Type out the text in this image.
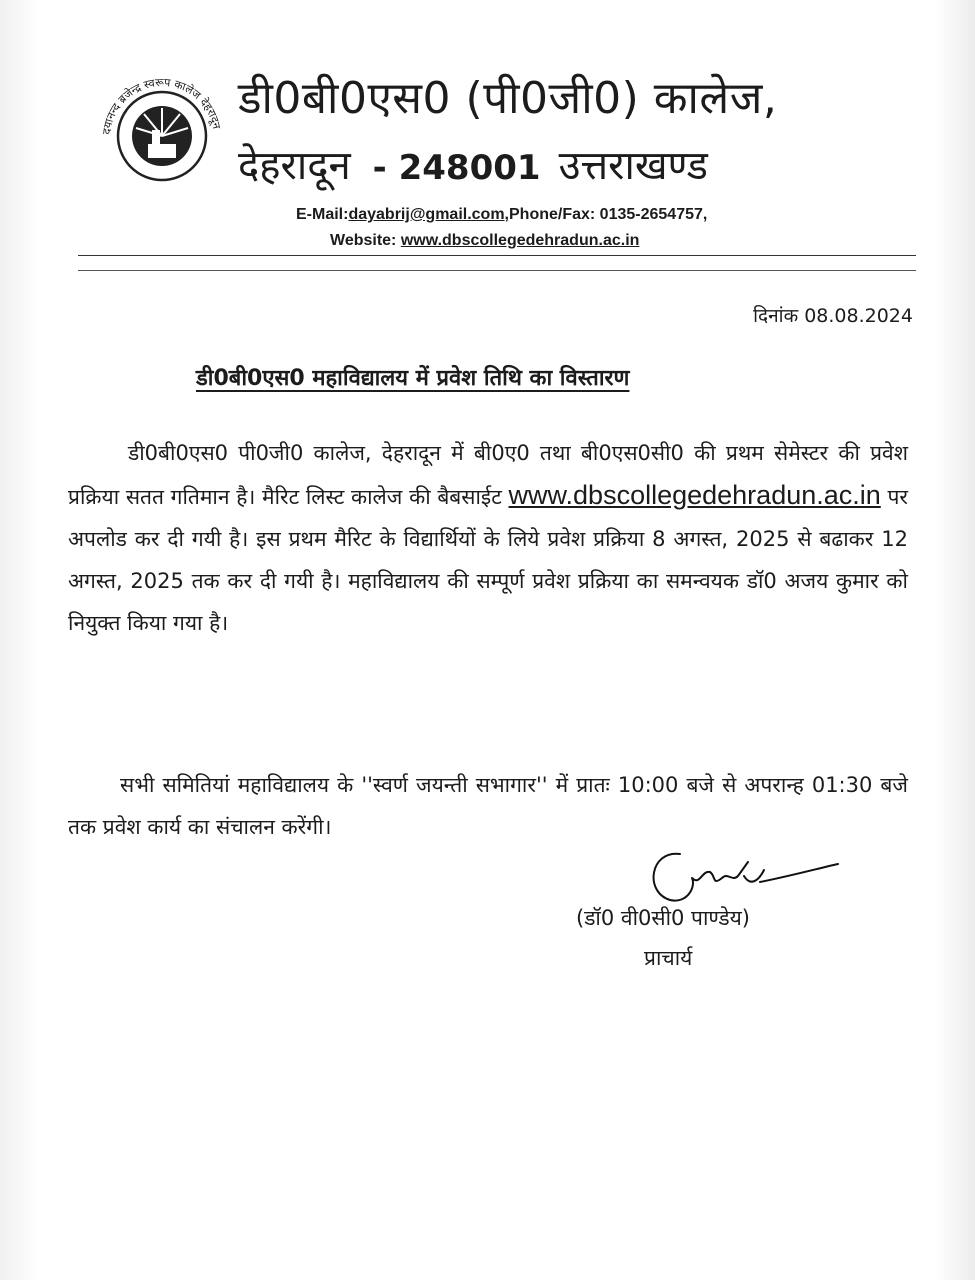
दयानन्द ब्रजेन्द्र स्वरूप कालेज देहरादून
डी0बी0एस0 (पी0जी0) कालेज,
देहरादून - 248001 उत्तराखण्ड
E-Mail:dayabrij@gmail.com,Phone/Fax: 0135-2654757,
Website: www.dbscollegedehradun.ac.in
दिनांक 08.08.2024
डी0बी0एस0 महाविद्यालय में प्रवेश तिथि का विस्तारण
डी0बी0एस0 पी0जी0 कालेज, देहरादून में बी0ए0 तथा बी0एस0सी0 की प्रथम सेमेस्टर की प्रवेश प्रक्रिया सतत गतिमान है। मैरिट लिस्ट कालेज की बैबसाईट www.dbscollegedehradun.ac.in पर अपलोड कर दी गयी है। इस प्रथम मैरिट के विद्यार्थियों के लिये प्रवेश प्रक्रिया 8 अगस्त, 2025 से बढाकर 12 अगस्त, 2025 तक कर दी गयी है। महाविद्यालय की सम्पूर्ण प्रवेश प्रक्रिया का समन्वयक डॉ0 अजय कुमार को नियुक्त किया गया है।
सभी समितियां महाविद्यालय के ''स्वर्ण जयन्ती सभागार'' में प्रातः 10:00 बजे से अपरान्ह 01:30 बजे तक प्रवेश कार्य का संचालन करेंगी।
(डॉ0 वी0सी0 पाण्डेय)
प्राचार्य
